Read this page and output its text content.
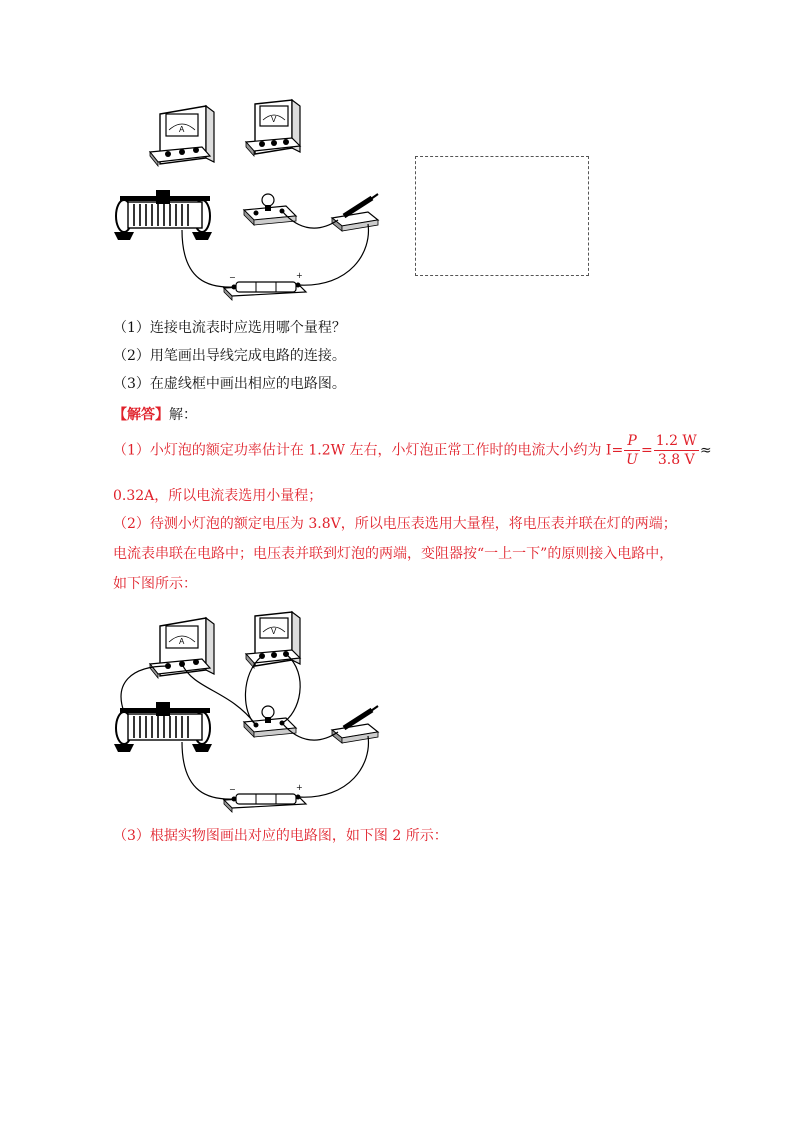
A
V
−	+
（1）连接电流表时应选用哪个量程？
（2）用笔画出导线完成电路的连接。
（3）在虚线框中画出相应的电路图。
【解答】解：
（1）小灯泡的额定功率估计在 1.2W 左右，小灯泡正常工作时的电流大小约为 $I= \frac{P}{U} = \frac{1.2 W}{3.8 V}$ ≈
0.32A，所以电流表选用小量程；
（2）待测小灯泡的额定电压为 3.8V，所以电压表选用大量程，将电压表并联在灯的两端；
电流表串联在电路中；电压表并联到灯泡的两端，变阻器按“一上一下”的原则接入电路中，
如下图所示：
A
V
−	+
（3）根据实物图画出对应的电路图，如下图 2 所示：
